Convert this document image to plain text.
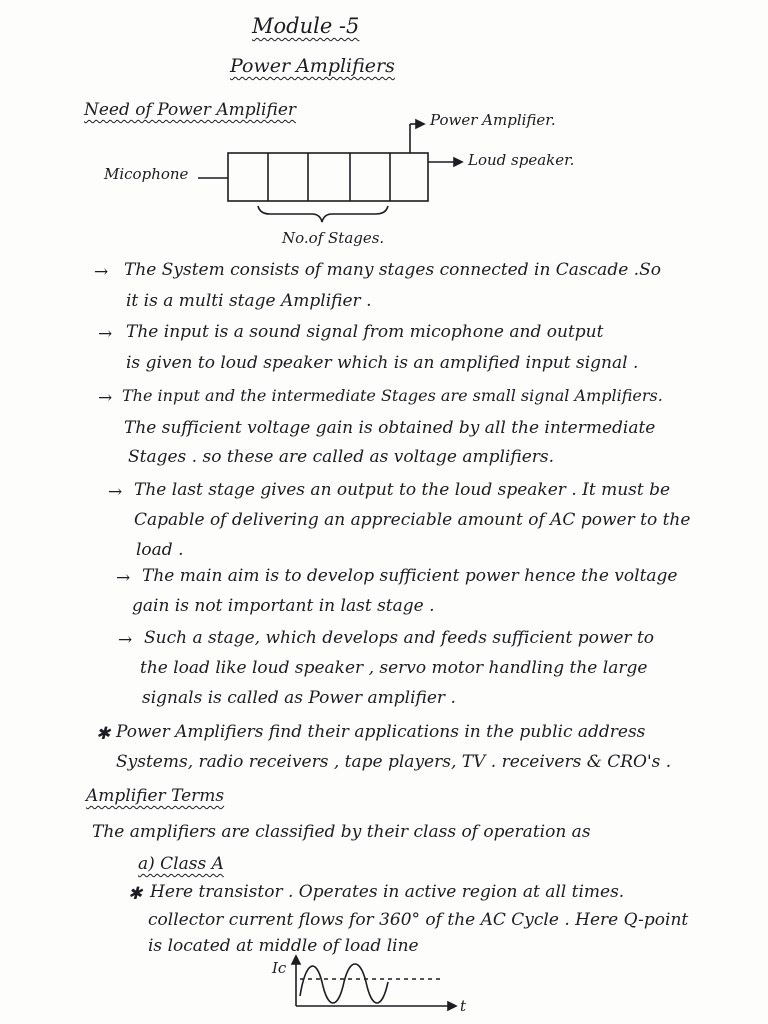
Module -5
Power Amplifiers
Need of Power Amplifier
Micophone
Power Amplifier.
Loud speaker.
No.of Stages.
→ The System consists of many stages connected in Cascade .So
it is a multi stage Amplifier .
→ The input is a sound signal from micophone and output
is given to loud speaker which is an amplified input signal .
→ The input and the intermediate Stages are small signal Amplifiers.
The sufficient voltage gain is obtained by all the intermediate
Stages . so these are called as voltage amplifiers.
→ The last stage gives an output to the loud speaker . It must be
Capable of delivering an appreciable amount of AC power to the
load .
→ The main aim is to develop sufficient power hence the voltage
gain is not important in last stage .
→ Such a stage, which develops and feeds sufficient power to
the load like loud speaker , servo motor handling the large
signals is called as Power amplifier .
✱ Power Amplifiers find their applications in the public address
Systems, radio receivers , tape players, TV . receivers & CRO's .
Amplifier Terms
The amplifiers are classified by their class of operation as
a) Class A
✱ Here transistor . Operates in active region at all times.
collector current flows for 360° of the AC Cycle . Here Q-point
is located at middle of load line
Ic
t
